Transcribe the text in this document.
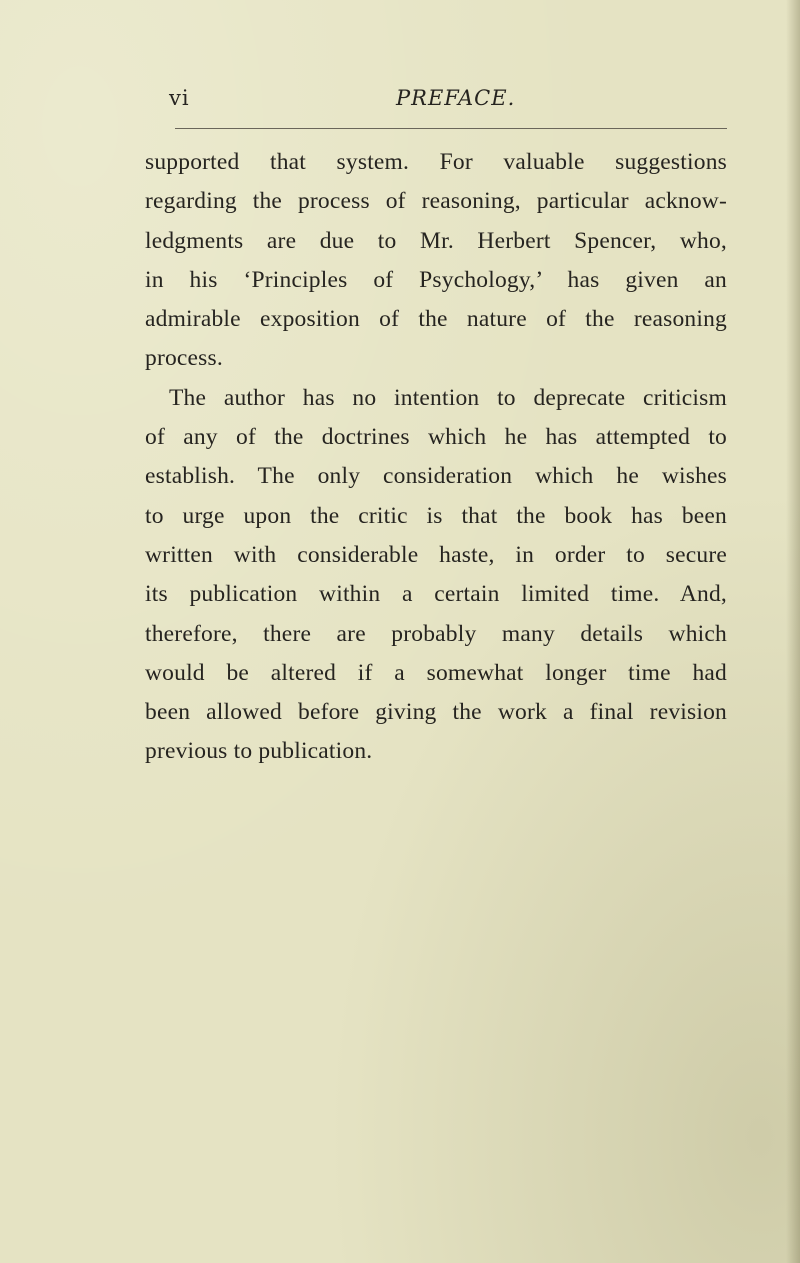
vi	PREFACE.
supported that system. For valuable suggestions
regarding the process of reasoning, particular acknow-
ledgments are due to Mr. Herbert Spencer, who,
in his ‘Principles of Psychology,’ has given an
admirable exposition of the nature of the reasoning
process.
The author has no intention to deprecate criticism
of any of the doctrines which he has attempted to
establish. The only consideration which he wishes
to urge upon the critic is that the book has been
written with considerable haste, in order to secure
its publication within a certain limited time. And,
therefore, there are probably many details which
would be altered if a somewhat longer time had
been allowed before giving the work a final revision
previous to publication.
